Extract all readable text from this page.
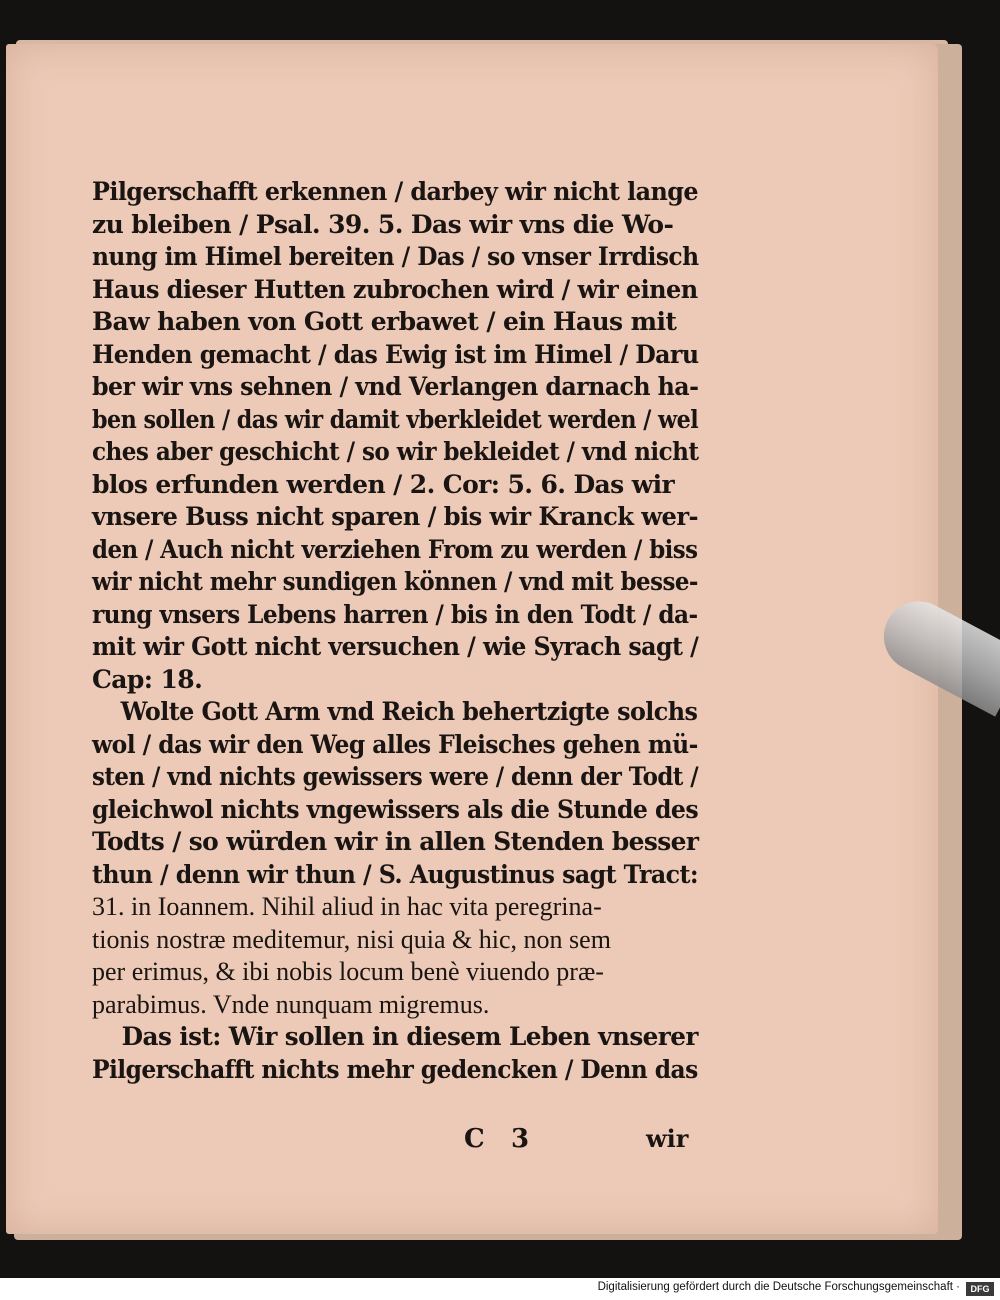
Pilgerschafft erkennen / darbey wir nicht lange
zu bleiben / Psal. 39. 5. Das wir vns die Wo-
nung im Himel bereiten / Das / so vnser Irrdisch
Haus dieser Hutten zubrochen wird / wir einen
Baw haben von Gott erbawet / ein Haus mit
Henden gemacht / das Ewig ist im Himel / Daru
ber wir vns sehnen / vnd Verlangen darnach ha-
ben sollen / das wir damit vberkleidet werden / wel
ches aber geschicht / so wir bekleidet / vnd nicht
blos erfunden werden / 2. Cor: 5. 6. Das wir
vnsere Buss nicht sparen / bis wir Kranck wer-
den / Auch nicht verziehen From zu werden / biss
wir nicht mehr sundigen können / vnd mit besse-
rung vnsers Lebens harren / bis in den Todt / da-
mit wir Gott nicht versuchen / wie Syrach sagt /
Cap: 18.
Wolte Gott Arm vnd Reich behertzigte solchs
wol / das wir den Weg alles Fleisches gehen mü-
sten / vnd nichts gewissers were / denn der Todt /
gleichwol nichts vngewissers als die Stunde des
Todts / so würden wir in allen Stenden besser
thun / denn wir thun / S. Augustinus sagt Tract:
31. in Ioannem. Nihil aliud in hac vita peregrina-
tionis nostræ meditemur, nisi quia & hic, non sem
per erimus, & ibi nobis locum benè viuendo præ-
parabimus. Vnde nunquam migremus.
Das ist: Wir sollen in diesem Leben vnserer
Pilgerschafft nichts mehr gedencken / Denn das
C 3	wir
Digitalisierung gefördert durch die Deutsche Forschungsgemeinschaft ·	DFG
